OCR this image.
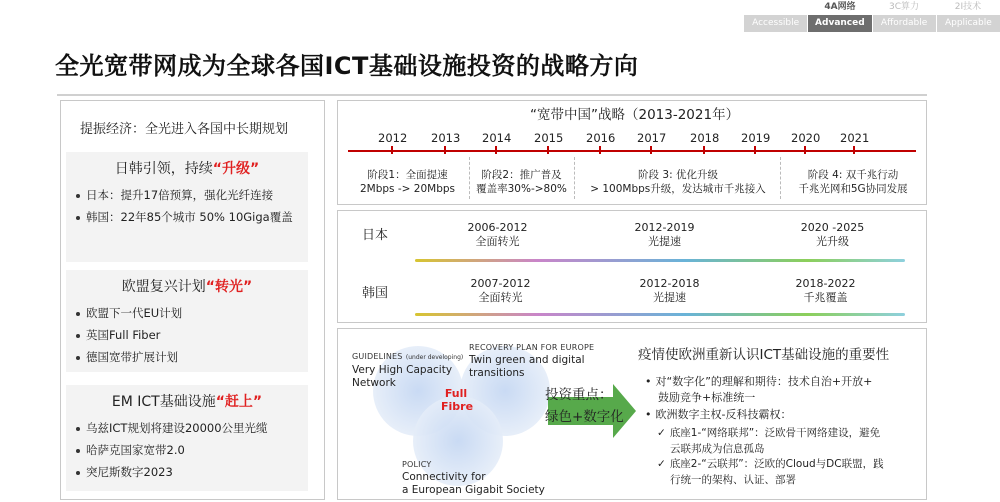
4A网络	3C算力	2I技术
Accessible	Advanced	Affordable	Applicable
全光宽带网成为全球各国ICT基础设施投资的战略方向
提振经济：全光进入各国中长期规划
日韩引领，持续“升级”
日本：提升17倍预算，强化光纤连接
韩国：22年85个城市 50% 10Giga覆盖
欧盟复兴计划“转光”
欧盟下一代EU计划
英国Full Fiber
德国宽带扩展计划
EM ICT基础设施“赶上”
乌兹ICT规划将建设20000公里光缆
哈萨克国家宽带2.0
突尼斯数字2023
“宽带中国”战略（2013-2021年）
2012 2013 2014 2015 2016 2017 2018 2019 2020 2021
阶段1：全面提速
2Mbps -> 20Mbps
阶段2：推广普及
覆盖率30%->80%
阶段 3: 优化升级
> 100Mbps升级，发达城市千兆接入
阶段 4: 双千兆行动
千兆光网和5G协同发展
日本
2006-2012
全面转光
2012-2019
光提速
2020 -2025
光升级
韩国
2007-2012
全面转光
2012-2018
光提速
2018-2022
千兆覆盖
GUIDELINES (under developing)
Very High Capacity
Network
RECOVERY PLAN FOR EUROPE
Twin green and digital
transitions
POLICY
Connectivity for
a European Gigabit Society
Full
Fibre
投资重点：
绿色+数字化
疫情使欧洲重新认识ICT基础设施的重要性
• 对“数字化”的理解和期待：技术自治+开放+
鼓励竞争+标准统一
• 欧洲数字主权-反科技霸权：
✓ 底座1-“网络联邦”：泛欧骨干网络建设，避免
云联邦成为信息孤岛
✓ 底座2-“云联邦”：泛欧的Cloud与DC联盟，践
行统一的架构、认证、部署
